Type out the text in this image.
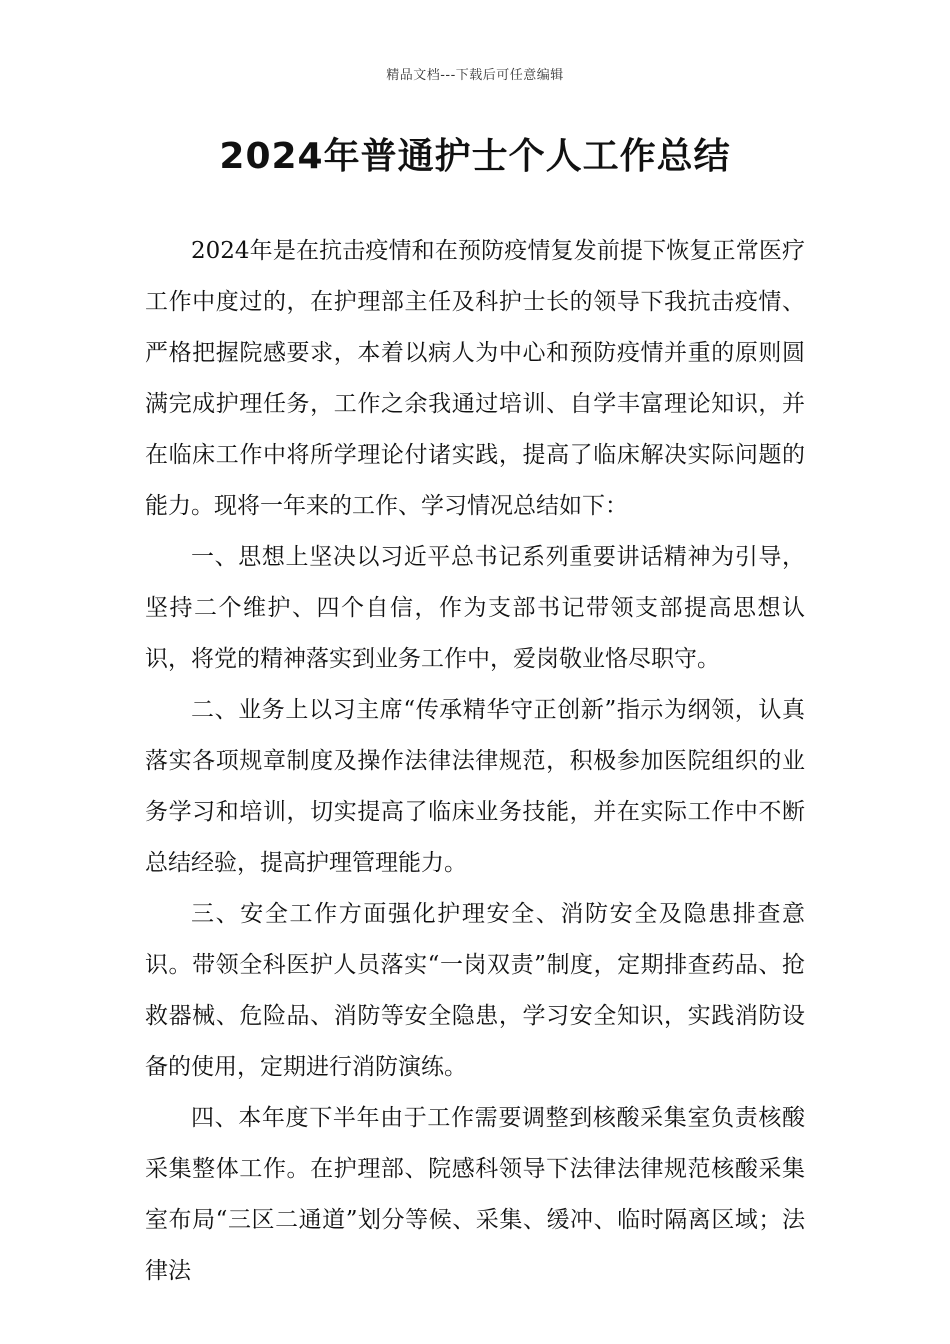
精品文档---下载后可任意编辑
2024年普通护士个人工作总结

2024年是在抗击疫情和在预防疫情复发前提下恢复正常医疗工作中度过的，在护理部主任及科护士长的领导下我抗击疫情、严格把握院感要求，本着以病人为中心和预防疫情并重的原则圆满完成护理任务，工作之余我通过培训、自学丰富理论知识，并在临床工作中将所学理论付诸实践，提高了临床解决实际问题的能力。现将一年来的工作、学习情况总结如下：

一、思想上坚决以习近平总书记系列重要讲话精神为引导，坚持二个维护、四个自信，作为支部书记带领支部提高思想认识，将党的精神落实到业务工作中，爱岗敬业恪尽职守。

二、业务上以习主席“传承精华守正创新”指示为纲领，认真落实各项规章制度及操作法律法律规范，积极参加医院组织的业务学习和培训，切实提高了临床业务技能，并在实际工作中不断总结经验，提高护理管理能力。

三、安全工作方面强化护理安全、消防安全及隐患排查意识。带领全科医护人员落实“一岗双责”制度，定期排查药品、抢救器械、危险品、消防等安全隐患，学习安全知识，实践消防设备的使用，定期进行消防演练。

四、本年度下半年由于工作需要调整到核酸采集室负责核酸采集整体工作。在护理部、院感科领导下法律法律规范核酸采集室布局“三区二通道”划分等候、采集、缓冲、临时隔离区域；法律法
